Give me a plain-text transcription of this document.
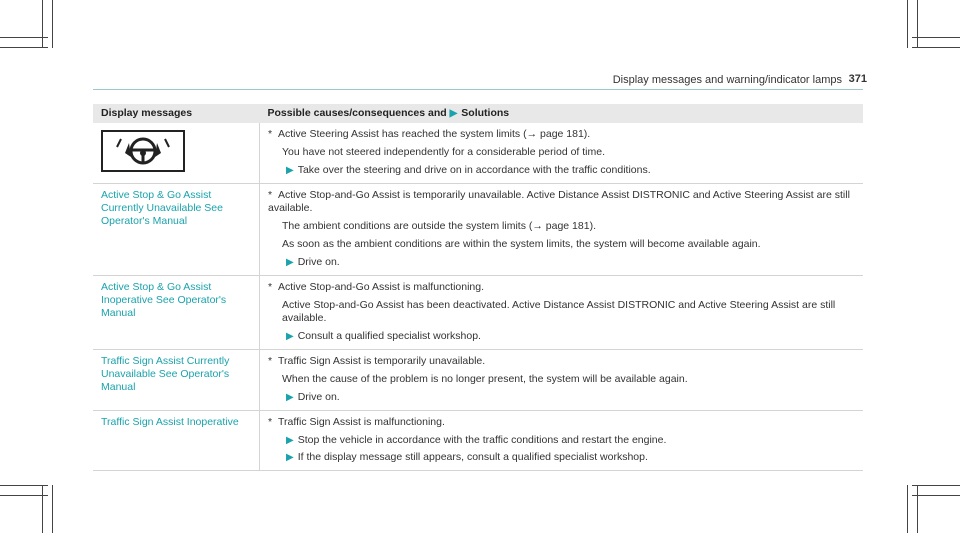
Display messages and warning/indicator lamps 371
Display messages	Possible causes/consequences and ▶ Solutions

* Active Steering Assist has reached the system limits (→ page 181).
You have not steered independently for a considerable period of time.
▶ Take over the steering and drive on in accordance with the traffic conditions.

Active Stop & Go Assist Currently Unavailable See Operator's Manual	* Active Stop-and-Go Assist is temporarily unavailable. Active Distance Assist DISTRONIC and Active Steering Assist are still available.
The ambient conditions are outside the system limits (→ page 181).
As soon as the ambient conditions are within the system limits, the system will become available again.
▶ Drive on.

Active Stop & Go Assist Inoperative See Operator's Manual	* Active Stop-and-Go Assist is malfunctioning.
Active Stop-and-Go Assist has been deactivated. Active Distance Assist DISTRONIC and Active Steering Assist are still available.
▶ Consult a qualified specialist workshop.

Traffic Sign Assist Currently Unavailable See Operator's Manual	* Traffic Sign Assist is temporarily unavailable.
When the cause of the problem is no longer present, the system will be available again.
▶ Drive on.

Traffic Sign Assist Inoperative	* Traffic Sign Assist is malfunctioning.
▶ Stop the vehicle in accordance with the traffic conditions and restart the engine.
▶ If the display message still appears, consult a qualified specialist workshop.
